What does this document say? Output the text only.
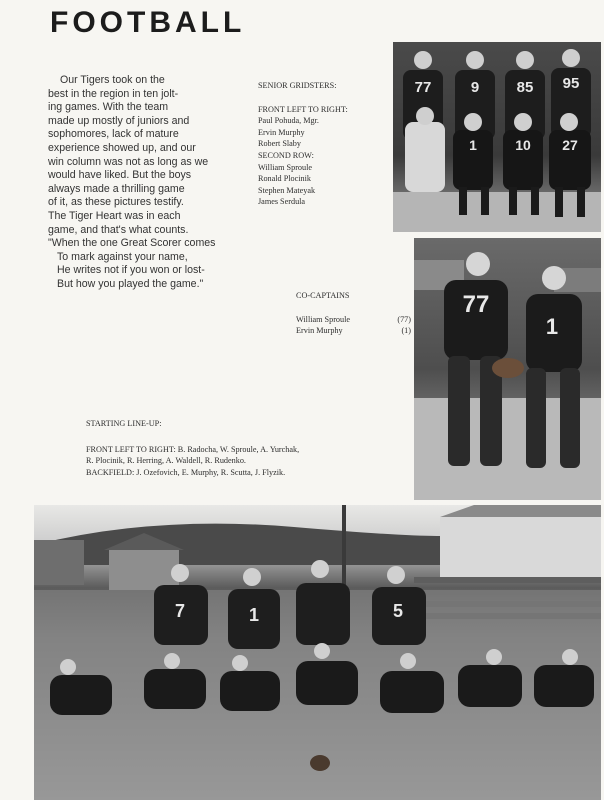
FOOTBALL
Our Tigers took on the
best in the region in ten jolt-
ing games. With the team
made up mostly of juniors and
sophomores, lack of mature
experience showed up, and our
win column was not as long as we
would have liked. But the boys
always made a thrilling game
of it, as these pictures testify.
The Tiger Heart was in each
game, and that's what counts.
"When the one Great Scorer comes
To mark against your name,
He writes not if you won or lost-
But how you played the game."
SENIOR GRIDSTERS:
FRONT LEFT TO RIGHT:
Paul Pohuda, Mgr.
Ervin Murphy
Robert Slaby
SECOND ROW:
William Sproule
Ronald Plocinik
Stephen Mateyak
James Serdula
CO-CAPTAINS
William Sproule	(77)
Ervin Murphy	(1)
STARTING LINE-UP:
FRONT LEFT TO RIGHT: B. Radocha, W. Sproule, A. Yurchak,
R. Plocinik, R. Herring, A. Waldell, R. Rudenko.
BACKFIELD: J. Ozefovich, E. Murphy, R. Scutta, J. Flyzik.
77	9 85 95
1	10 27
77
1
7	1	5
